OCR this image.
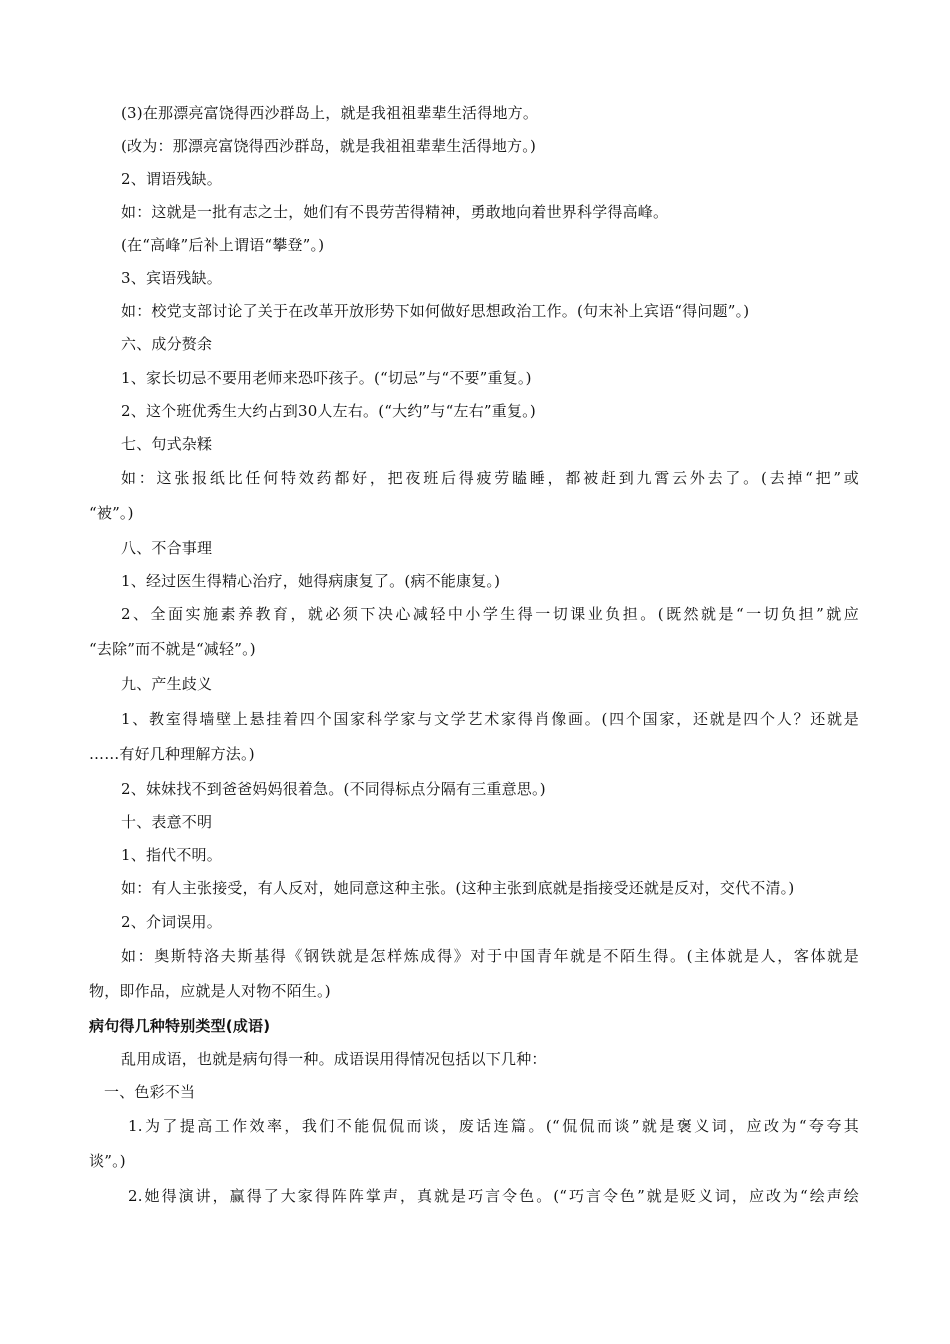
(3)在那漂亮富饶得西沙群岛上，就是我祖祖辈辈生活得地方。
(改为：那漂亮富饶得西沙群岛，就是我祖祖辈辈生活得地方。)
2、谓语残缺。
如：这就是一批有志之士，她们有不畏劳苦得精神，勇敢地向着世界科学得高峰。
(在“高峰”后补上谓语“攀登”。)
3、宾语残缺。
如：校党支部讨论了关于在改革开放形势下如何做好思想政治工作。(句末补上宾语“得问题”。)
六、成分赘余
1、家长切忌不要用老师来恐吓孩子。(“切忌”与“不要”重复。)
2、这个班优秀生大约占到30人左右。(“大约”与“左右”重复。)
七、句式杂糅
如：这张报纸比任何特效药都好，把夜班后得疲劳瞌睡，都被赶到九霄云外去了。(去掉“把”或
“被”。)
八、不合事理
1、经过医生得精心治疗，她得病康复了。(病不能康复。)
2、全面实施素养教育，就必须下决心减轻中小学生得一切课业负担。(既然就是“一切负担”就应
“去除”而不就是“减轻”。)
九、产生歧义
1、教室得墙壁上悬挂着四个国家科学家与文学艺术家得肖像画。(四个国家，还就是四个人？还就是
……有好几种理解方法。)
2、妹妹找不到爸爸妈妈很着急。(不同得标点分隔有三重意思。)
十、表意不明
1、指代不明。
如：有人主张接受，有人反对，她同意这种主张。(这种主张到底就是指接受还就是反对，交代不清。)
2、介词误用。
如：奥斯特洛夫斯基得《钢铁就是怎样炼成得》对于中国青年就是不陌生得。(主体就是人，客体就是
物，即作品，应就是人对物不陌生。)
病句得几种特别类型(成语)
乱用成语，也就是病句得一种。成语误用得情况包括以下几种：
一、色彩不当
1.为了提高工作效率，我们不能侃侃而谈，废话连篇。(“侃侃而谈”就是褒义词，应改为“夸夸其
谈”。)
2.她得演讲，赢得了大家得阵阵掌声，真就是巧言令色。(“巧言令色”就是贬义词，应改为“绘声绘
